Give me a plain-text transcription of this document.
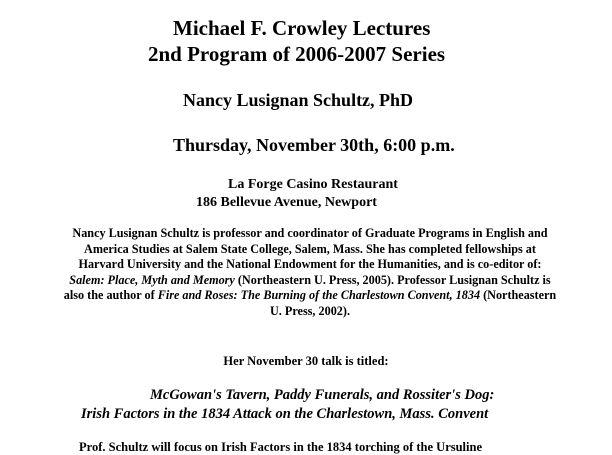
Michael F. Crowley Lectures
2nd Program of 2006-2007 Series
Nancy Lusignan Schultz, PhD
Thursday, November 30th, 6:00 p.m.
La Forge Casino Restaurant
186 Bellevue Avenue, Newport
Nancy Lusignan Schultz is professor and coordinator of Graduate Programs in English and America Studies at Salem State College, Salem, Mass. She has completed fellowships at Harvard University and the National Endowment for the Humanities, and is co-editor of: Salem: Place, Myth and Memory (Northeastern U. Press, 2005). Professor Lusignan Schultz is also the author of Fire and Roses: The Burning of the Charlestown Convent, 1834 (Northeastern U. Press, 2002).
Her November 30 talk is titled:
McGowan's Tavern, Paddy Funerals, and Rossiter's Dog:
Irish Factors in the 1834 Attack on the Charlestown, Mass. Convent
Prof. Schultz will focus on Irish Factors in the 1834 torching of the Ursuline
